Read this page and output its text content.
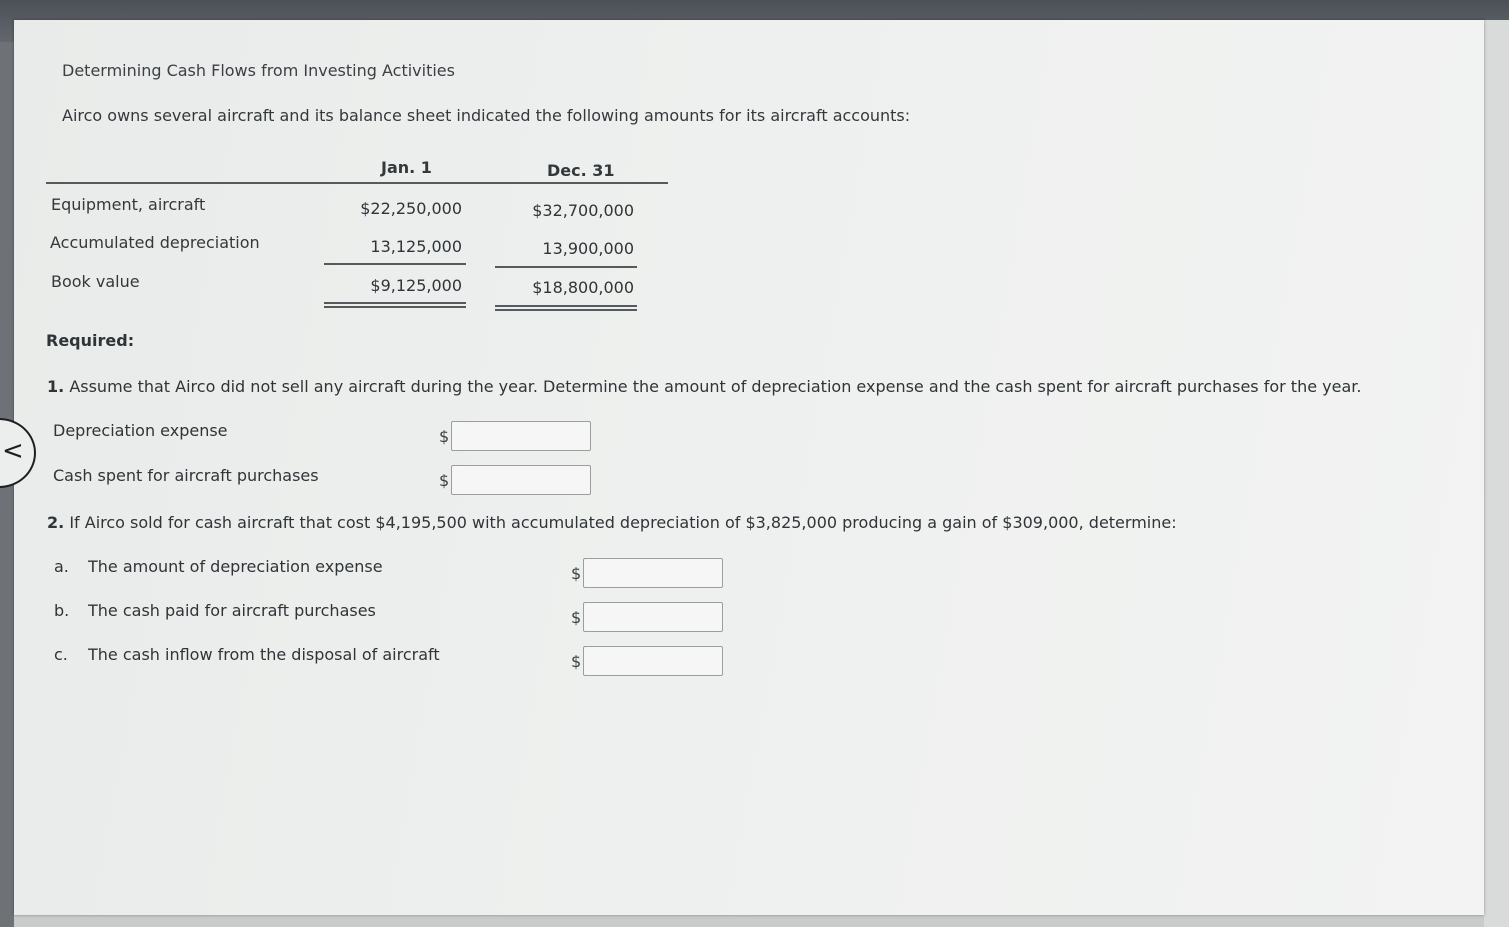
Determining Cash Flows from Investing Activities
Airco owns several aircraft and its balance sheet indicated the following amounts for its aircraft accounts:
Jan. 1	Dec. 31
Equipment, aircraft	$22,250,000	$32,700,000
Accumulated depreciation	13,125,000	13,900,000
Book value	$9,125,000	$18,800,000
Required:
1. Assume that Airco did not sell any aircraft during the year. Determine the amount of depreciation expense and the cash spent for aircraft purchases for the year.
Depreciation expense	$
Cash spent for aircraft purchases	$
2. If Airco sold for cash aircraft that cost $4,195,500 with accumulated depreciation of $3,825,000 producing a gain of $309,000, determine:
a. The amount of depreciation expense	$
b. The cash paid for aircraft purchases	$
c. The cash inflow from the disposal of aircraft	$
<
